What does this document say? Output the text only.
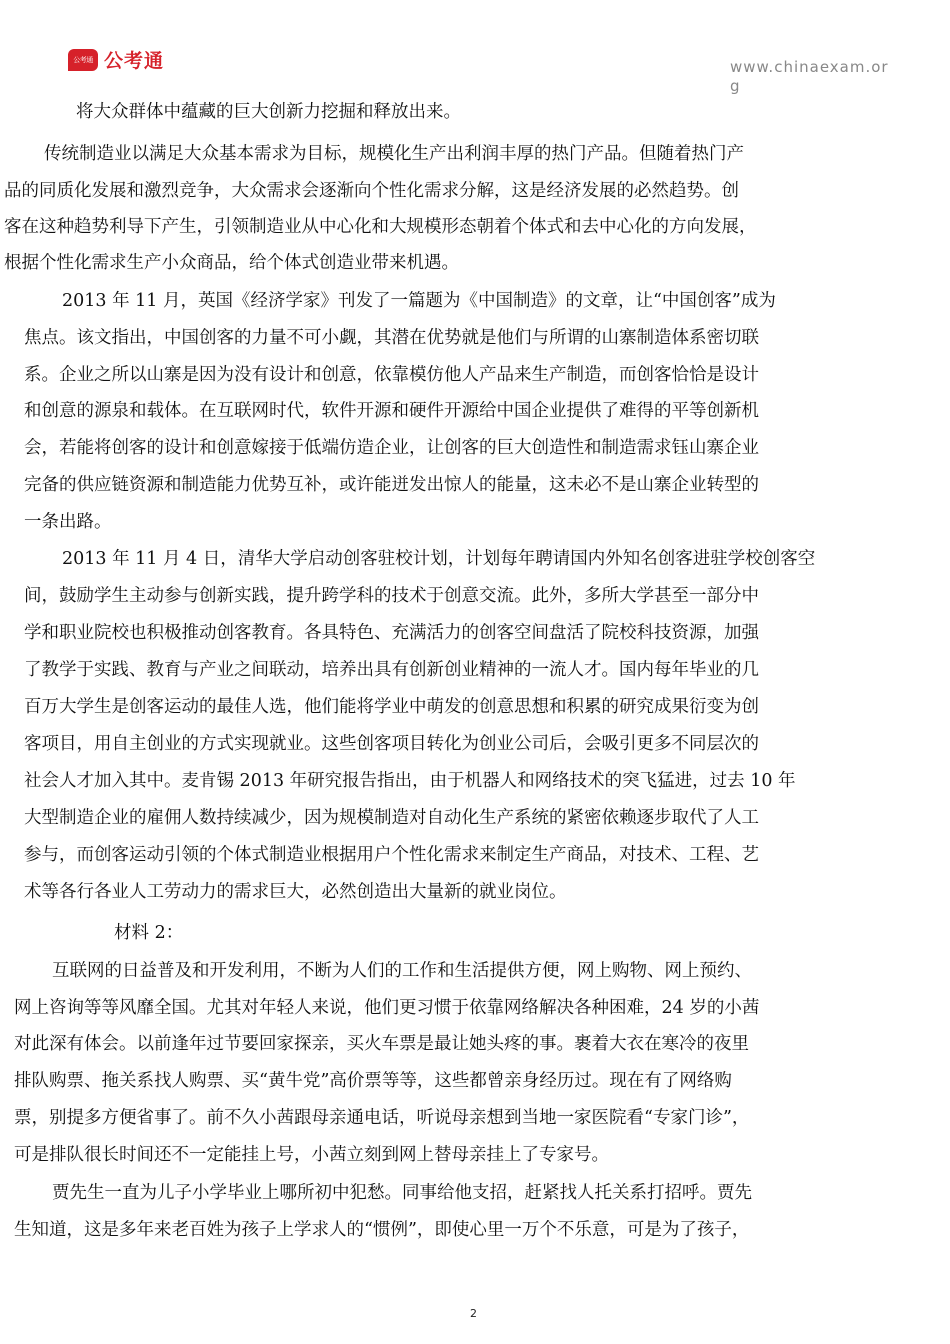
公考通 公考通	www.chinaexam.org
将大众群体中蕴藏的巨大创新力挖掘和释放出来。
传统制造业以满足大众基本需求为目标，规模化生产出利润丰厚的热门产品。但随着热门产
品的同质化发展和激烈竞争，大众需求会逐渐向个性化需求分解，这是经济发展的必然趋势。创
客在这种趋势利导下产生，引领制造业从中心化和大规模形态朝着个体式和去中心化的方向发展，
根据个性化需求生产小众商品，给个体式创造业带来机遇。
2013 年 11 月，英国《经济学家》刊发了一篇题为《中国制造》的文章，让“中国创客”成为
焦点。该文指出，中国创客的力量不可小觑，其潜在优势就是他们与所谓的山寨制造体系密切联
系。企业之所以山寨是因为没有设计和创意，依靠模仿他人产品来生产制造，而创客恰恰是设计
和创意的源泉和载体。在互联网时代，软件开源和硬件开源给中国企业提供了难得的平等创新机
会，若能将创客的设计和创意嫁接于低端仿造企业，让创客的巨大创造性和制造需求钰山寨企业
完备的供应链资源和制造能力优势互补，或许能迸发出惊人的能量，这未必不是山寨企业转型的
一条出路。
2013 年 11 月 4 日，清华大学启动创客驻校计划，计划每年聘请国内外知名创客进驻学校创客空
间，鼓励学生主动参与创新实践，提升跨学科的技术于创意交流。此外，多所大学甚至一部分中
学和职业院校也积极推动创客教育。各具特色、充满活力的创客空间盘活了院校科技资源，加强
了教学于实践、教育与产业之间联动，培养出具有创新创业精神的一流人才。国内每年毕业的几
百万大学生是创客运动的最佳人选，他们能将学业中萌发的创意思想和积累的研究成果衍变为创
客项目，用自主创业的方式实现就业。这些创客项目转化为创业公司后，会吸引更多不同层次的
社会人才加入其中。麦肯锡 2013 年研究报告指出，由于机器人和网络技术的突飞猛进，过去 10 年
大型制造企业的雇佣人数持续减少，因为规模制造对自动化生产系统的紧密依赖逐步取代了人工
参与，而创客运动引领的个体式制造业根据用户个性化需求来制定生产商品，对技术、工程、艺
术等各行各业人工劳动力的需求巨大，必然创造出大量新的就业岗位。
材料 2：
互联网的日益普及和开发利用，不断为人们的工作和生活提供方便，网上购物、网上预约、
网上咨询等等风靡全国。尤其对年轻人来说，他们更习惯于依靠网络解决各种困难，24 岁的小茜
对此深有体会。以前逢年过节要回家探亲，买火车票是最让她头疼的事。裹着大衣在寒冷的夜里
排队购票、拖关系找人购票、买“黄牛党”高价票等等，这些都曾亲身经历过。现在有了网络购
票，别提多方便省事了。前不久小茜跟母亲通电话，听说母亲想到当地一家医院看“专家门诊”，
可是排队很长时间还不一定能挂上号，小茜立刻到网上替母亲挂上了专家号。
贾先生一直为儿子小学毕业上哪所初中犯愁。同事给他支招，赶紧找人托关系打招呼。贾先
生知道，这是多年来老百姓为孩子上学求人的“惯例”，即使心里一万个不乐意，可是为了孩子，
2
